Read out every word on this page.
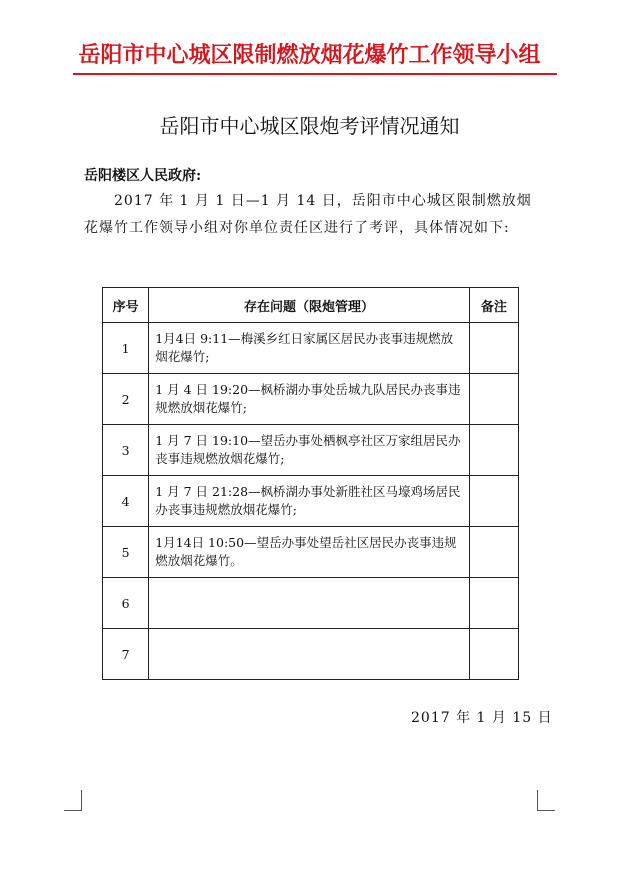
岳阳市中心城区限制燃放烟花爆竹工作领导小组
岳阳市中心城区限炮考评情况通知
岳阳楼区人民政府:
2017 年 1 月 1 日—1 月 14 日，岳阳市中心城区限制燃放烟花爆竹工作领导小组对你单位责任区进行了考评，具体情况如下:
序号	存在问题（限炮管理）	备注
1	1月4日 9:11—梅溪乡红日家属区居民办丧事违规燃放烟花爆竹;	
2	1 月 4 日 19:20—枫桥湖办事处岳城九队居民办丧事违规燃放烟花爆竹;	
3	1 月 7 日 19:10—望岳办事处栖枫亭社区万家组居民办丧事违规燃放烟花爆竹;	
4	1 月 7 日 21:28—枫桥湖办事处新胜社区马壕鸡场居民办丧事违规燃放烟花爆竹;	
5	1月14日 10:50—望岳办事处望岳社区居民办丧事违规燃放烟花爆竹。	
6		
7		
2017 年 1 月 15 日
